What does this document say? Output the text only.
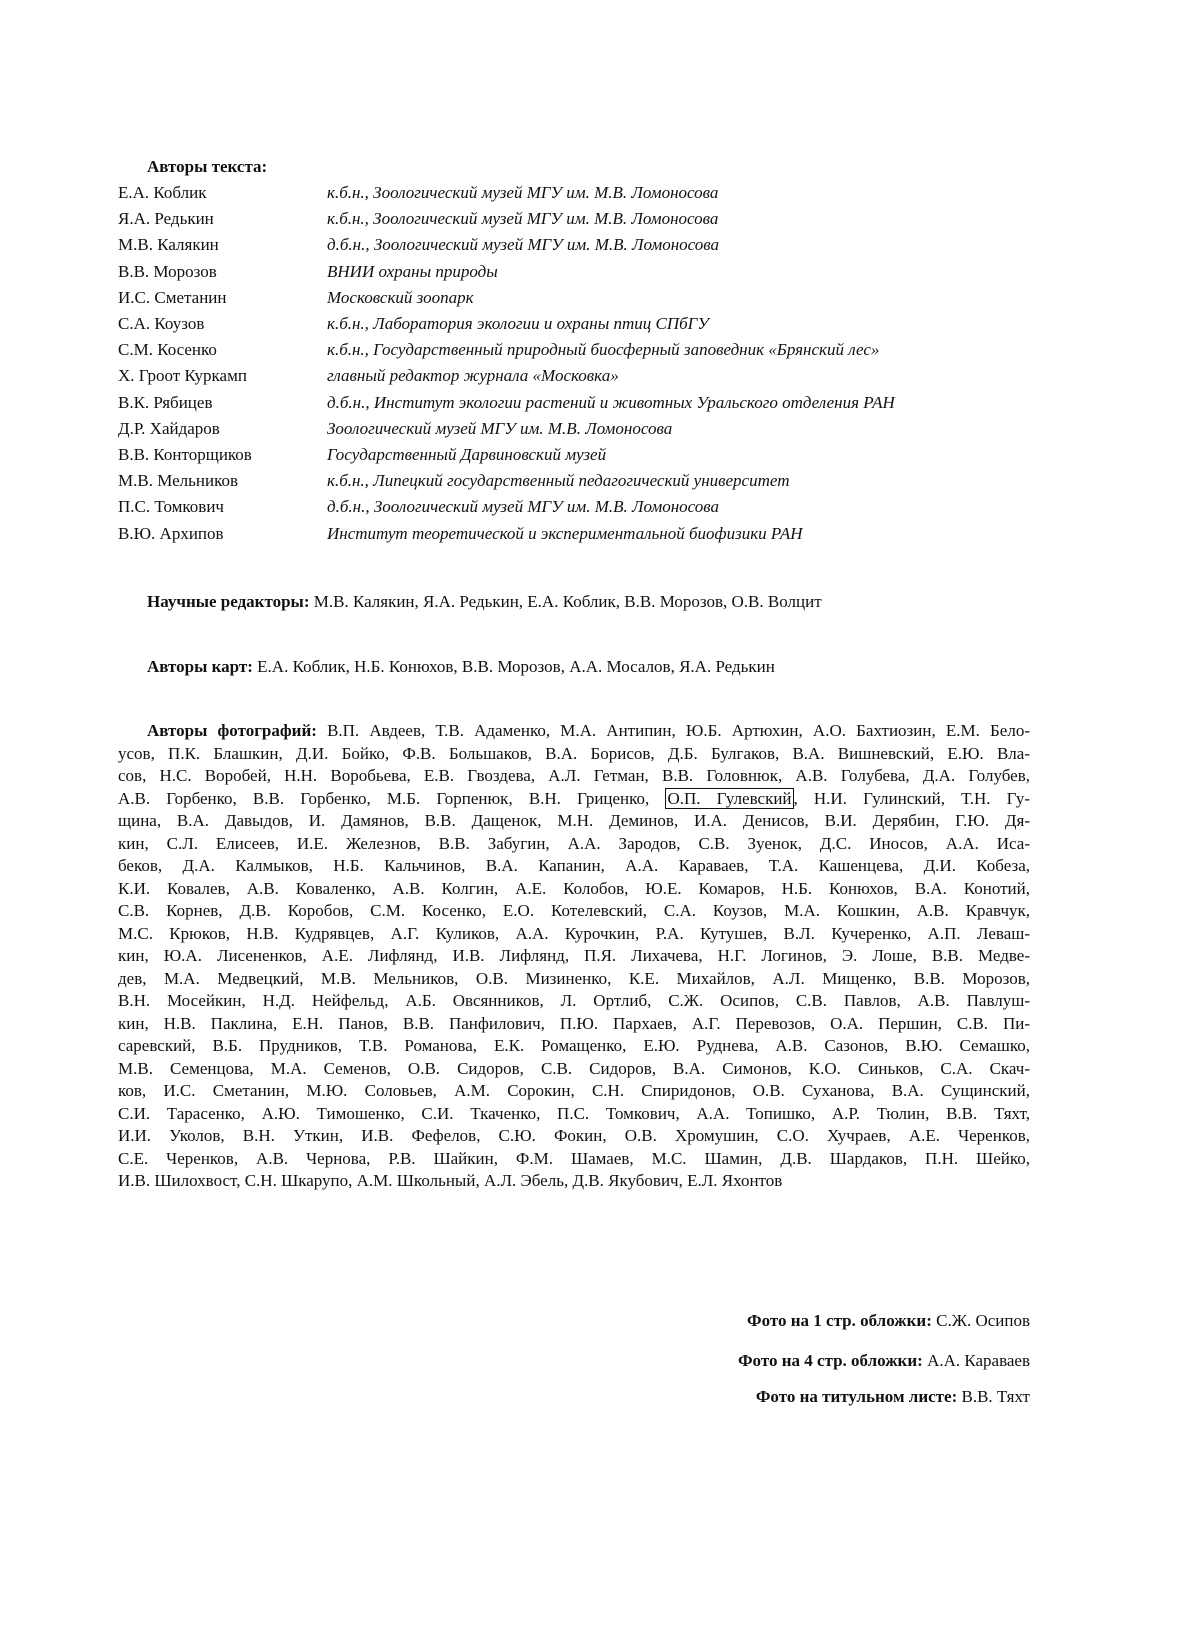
Авторы текста:
Е.А. Коблик	к.б.н., Зоологический музей МГУ им. М.В. Ломоносова
Я.А. Редькин	к.б.н., Зоологический музей МГУ им. М.В. Ломоносова
М.В. Калякин	д.б.н., Зоологический музей МГУ им. М.В. Ломоносова
В.В. Морозов	ВНИИ охраны природы
И.С. Сметанин	Московский зоопарк
С.А. Коузов	к.б.н., Лаборатория экологии и охраны птиц СПбГУ
С.М. Косенко	к.б.н., Государственный природный биосферный заповедник «Брянский лес»
Х. Гроот Куркамп	главный редактор журнала «Московка»
В.К. Рябицев	д.б.н., Институт экологии растений и животных Уральского отделения РАН
Д.Р. Хайдаров	Зоологический музей МГУ им. М.В. Ломоносова
В.В. Конторщиков	Государственный Дарвиновский музей
М.В. Мельников	к.б.н., Липецкий государственный педагогический университет
П.С. Томкович	д.б.н., Зоологический музей МГУ им. М.В. Ломоносова
В.Ю. Архипов	Институт теоретической и экспериментальной биофизики РАН
Научные редакторы: М.В. Калякин, Я.А. Редькин, Е.А. Коблик, В.В. Морозов, О.В. Волцит
Авторы карт: Е.А. Коблик, Н.Б. Конюхов, В.В. Морозов, А.А. Мосалов, Я.А. Редькин
Авторы фотографий: В.П. Авдеев, Т.В. Адаменко, М.А. Антипин, Ю.Б. Артюхин, А.О. Бахтиозин, Е.М. Бело-
усов, П.К. Блашкин, Д.И. Бойко, Ф.В. Большаков, В.А. Борисов, Д.Б. Булгаков, В.А. Вишневский, Е.Ю. Вла-
сов, Н.С. Воробей, Н.Н. Воробьева, Е.В. Гвоздева, А.Л. Гетман, В.В. Головнюк, А.В. Голубева, Д.А. Голубев,
А.В. Горбенко, В.В. Горбенко, М.Б. Горпенюк, В.Н. Гриценко, О.П. Гулевский , Н.И. Гулинский, Т.Н. Гу-
щина, В.А. Давыдов, И. Дамянов, В.В. Дащенок, М.Н. Деминов, И.А. Денисов, В.И. Дерябин, Г.Ю. Дя-
кин, С.Л. Елисеев, И.Е. Железнов, В.В. Забугин, А.А. Зародов, С.В. Зуенок, Д.С. Иносов, А.А. Иса-
беков, Д.А. Калмыков, Н.Б. Кальчинов, В.А. Капанин, А.А. Караваев, Т.А. Кашенцева, Д.И. Кобеза,
К.И. Ковалев, А.В. Коваленко, А.В. Колгин, А.Е. Колобов, Ю.Е. Комаров, Н.Б. Конюхов, В.А. Конотий,
С.В. Корнев, Д.В. Коробов, С.М. Косенко, Е.О. Котелевский, С.А. Коузов, М.А. Кошкин, А.В. Кравчук,
М.С. Крюков, Н.В. Кудрявцев, А.Г. Куликов, А.А. Курочкин, Р.А. Кутушев, В.Л. Кучеренко, А.П. Леваш-
кин, Ю.А. Лисененков, А.Е. Лифлянд, И.В. Лифлянд, П.Я. Лихачева, Н.Г. Логинов, Э. Лоше, В.В. Медве-
дев, М.А. Медвецкий, М.В. Мельников, О.В. Мизиненко, К.Е. Михайлов, А.Л. Мищенко, В.В. Морозов,
В.Н. Мосейкин, Н.Д. Нейфельд, А.Б. Овсянников, Л. Ортлиб, С.Ж. Осипов, С.В. Павлов, А.В. Павлуш-
кин, Н.В. Паклина, Е.Н. Панов, В.В. Панфилович, П.Ю. Пархаев, А.Г. Перевозов, О.А. Першин, С.В. Пи-
саревский, В.Б. Прудников, Т.В. Романова, Е.К. Ромащенко, Е.Ю. Руднева, А.В. Сазонов, В.Ю. Семашко,
М.В. Семенцова, М.А. Семенов, О.В. Сидоров, С.В. Сидоров, В.А. Симонов, К.О. Синьков, С.А. Скач-
ков, И.С. Сметанин, М.Ю. Соловьев, А.М. Сорокин, С.Н. Спиридонов, О.В. Суханова, В.А. Сущинский,
С.И. Тарасенко, А.Ю. Тимошенко, С.И. Ткаченко, П.С. Томкович, А.А. Топишко, А.Р. Тюлин, В.В. Тяхт,
И.И. Уколов, В.Н. Уткин, И.В. Фефелов, С.Ю. Фокин, О.В. Хромушин, С.О. Хучраев, А.Е. Черенков,
С.Е. Черенков, А.В. Чернова, Р.В. Шайкин, Ф.М. Шамаев, М.С. Шамин, Д.В. Шардаков, П.Н. Шейко,
И.В. Шилохвост, С.Н. Шкарупо, А.М. Школьный, А.Л. Эбель, Д.В. Якубович, Е.Л. Яхонтов
Фото на 1 стр. обложки: С.Ж. Осипов
Фото на 4 стр. обложки: А.А. Караваев
Фото на титульном листе: В.В. Тяхт
